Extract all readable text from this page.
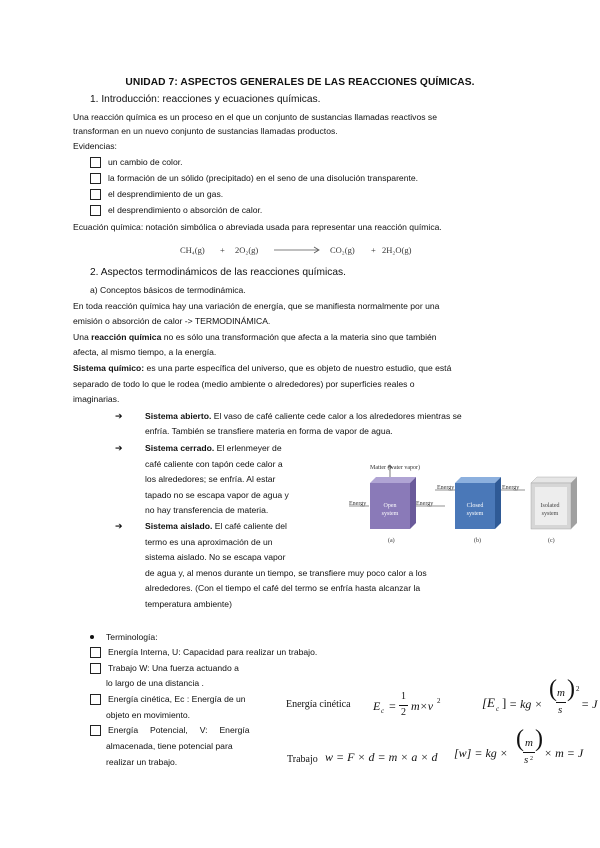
UNIDAD 7: ASPECTOS GENERALES DE LAS REACCIONES QUÍMICAS.
1. Introducción: reacciones y ecuaciones químicas.
Una reacción química es un proceso en el que un conjunto de sustancias llamadas reactivos se
transforman en un nuevo conjunto de sustancias llamadas productos.
Evidencias:
un cambio de color.
la formación de un sólido (precipitado) en el seno de una disolución transparente.
el desprendimiento de un gas.
el desprendimiento o absorción de calor.
Ecuación química: notación simbólica o abreviada usada para representar una reacción química.
CH₄(g) + 2O₂(g)	CO₂(g) + 2H₂O(g)
2. Aspectos termodinámicos de las reacciones químicas.
a) Conceptos básicos de termodinámica.
En toda reacción química hay una variación de energía, que se manifiesta normalmente por una
emisión o absorción de calor -> TERMODINÁMICA.
Una reacción química no es sólo una transformación que afecta a la materia sino que también
afecta, al mismo tiempo, a la energía.
Sistema químico: es una parte específica del universo, que es objeto de nuestro estudio, que está
separado de todo lo que le rodea (medio ambiente o alrededores) por superficies reales o
imaginarias.
➔	Sistema abierto. El vaso de café caliente cede calor a los alrededores mientras se
enfría. También se transfiere materia en forma de vapor de agua.
➔	Sistema cerrado. El erlenmeyer de
café caliente con tapón cede calor a
los alrededores; se enfría. Al estar
tapado no se escapa vapor de agua y
no hay transferencia de materia.
➔	Sistema aislado. El café caliente del
termo es una aproximación de un
sistema aislado. No se escapa vapor
de agua y, al menos durante un tiempo, se transfiere muy poco calor a los
alrededores. (Con el tiempo el café del termo se enfría hasta alcanzar la
temperatura ambiente)
Matter (water vapor)
Energy	Energy
Energy	Energy
Open system
Closed system
Isolated system
(a)	(b)	(c)
Terminología:
Energía Interna, U: Capacidad para realizar un trabajo.
Trabajo W: Una fuerza actuando a
lo largo de una distancia .
Energía cinética, Ec : Energía de un
objeto en movimiento.
Energía     Potencial,     V:     Energía
almacenada, tiene potencial para
realizar un trabajo.
Energía cinética E c =
1
2 m×v 2	[E c ] = kg ×
( m
s
) 2
= J
Trabajo w = F × d = m × a × d [w] = kg ×
( m
s 2
)
× m = J
